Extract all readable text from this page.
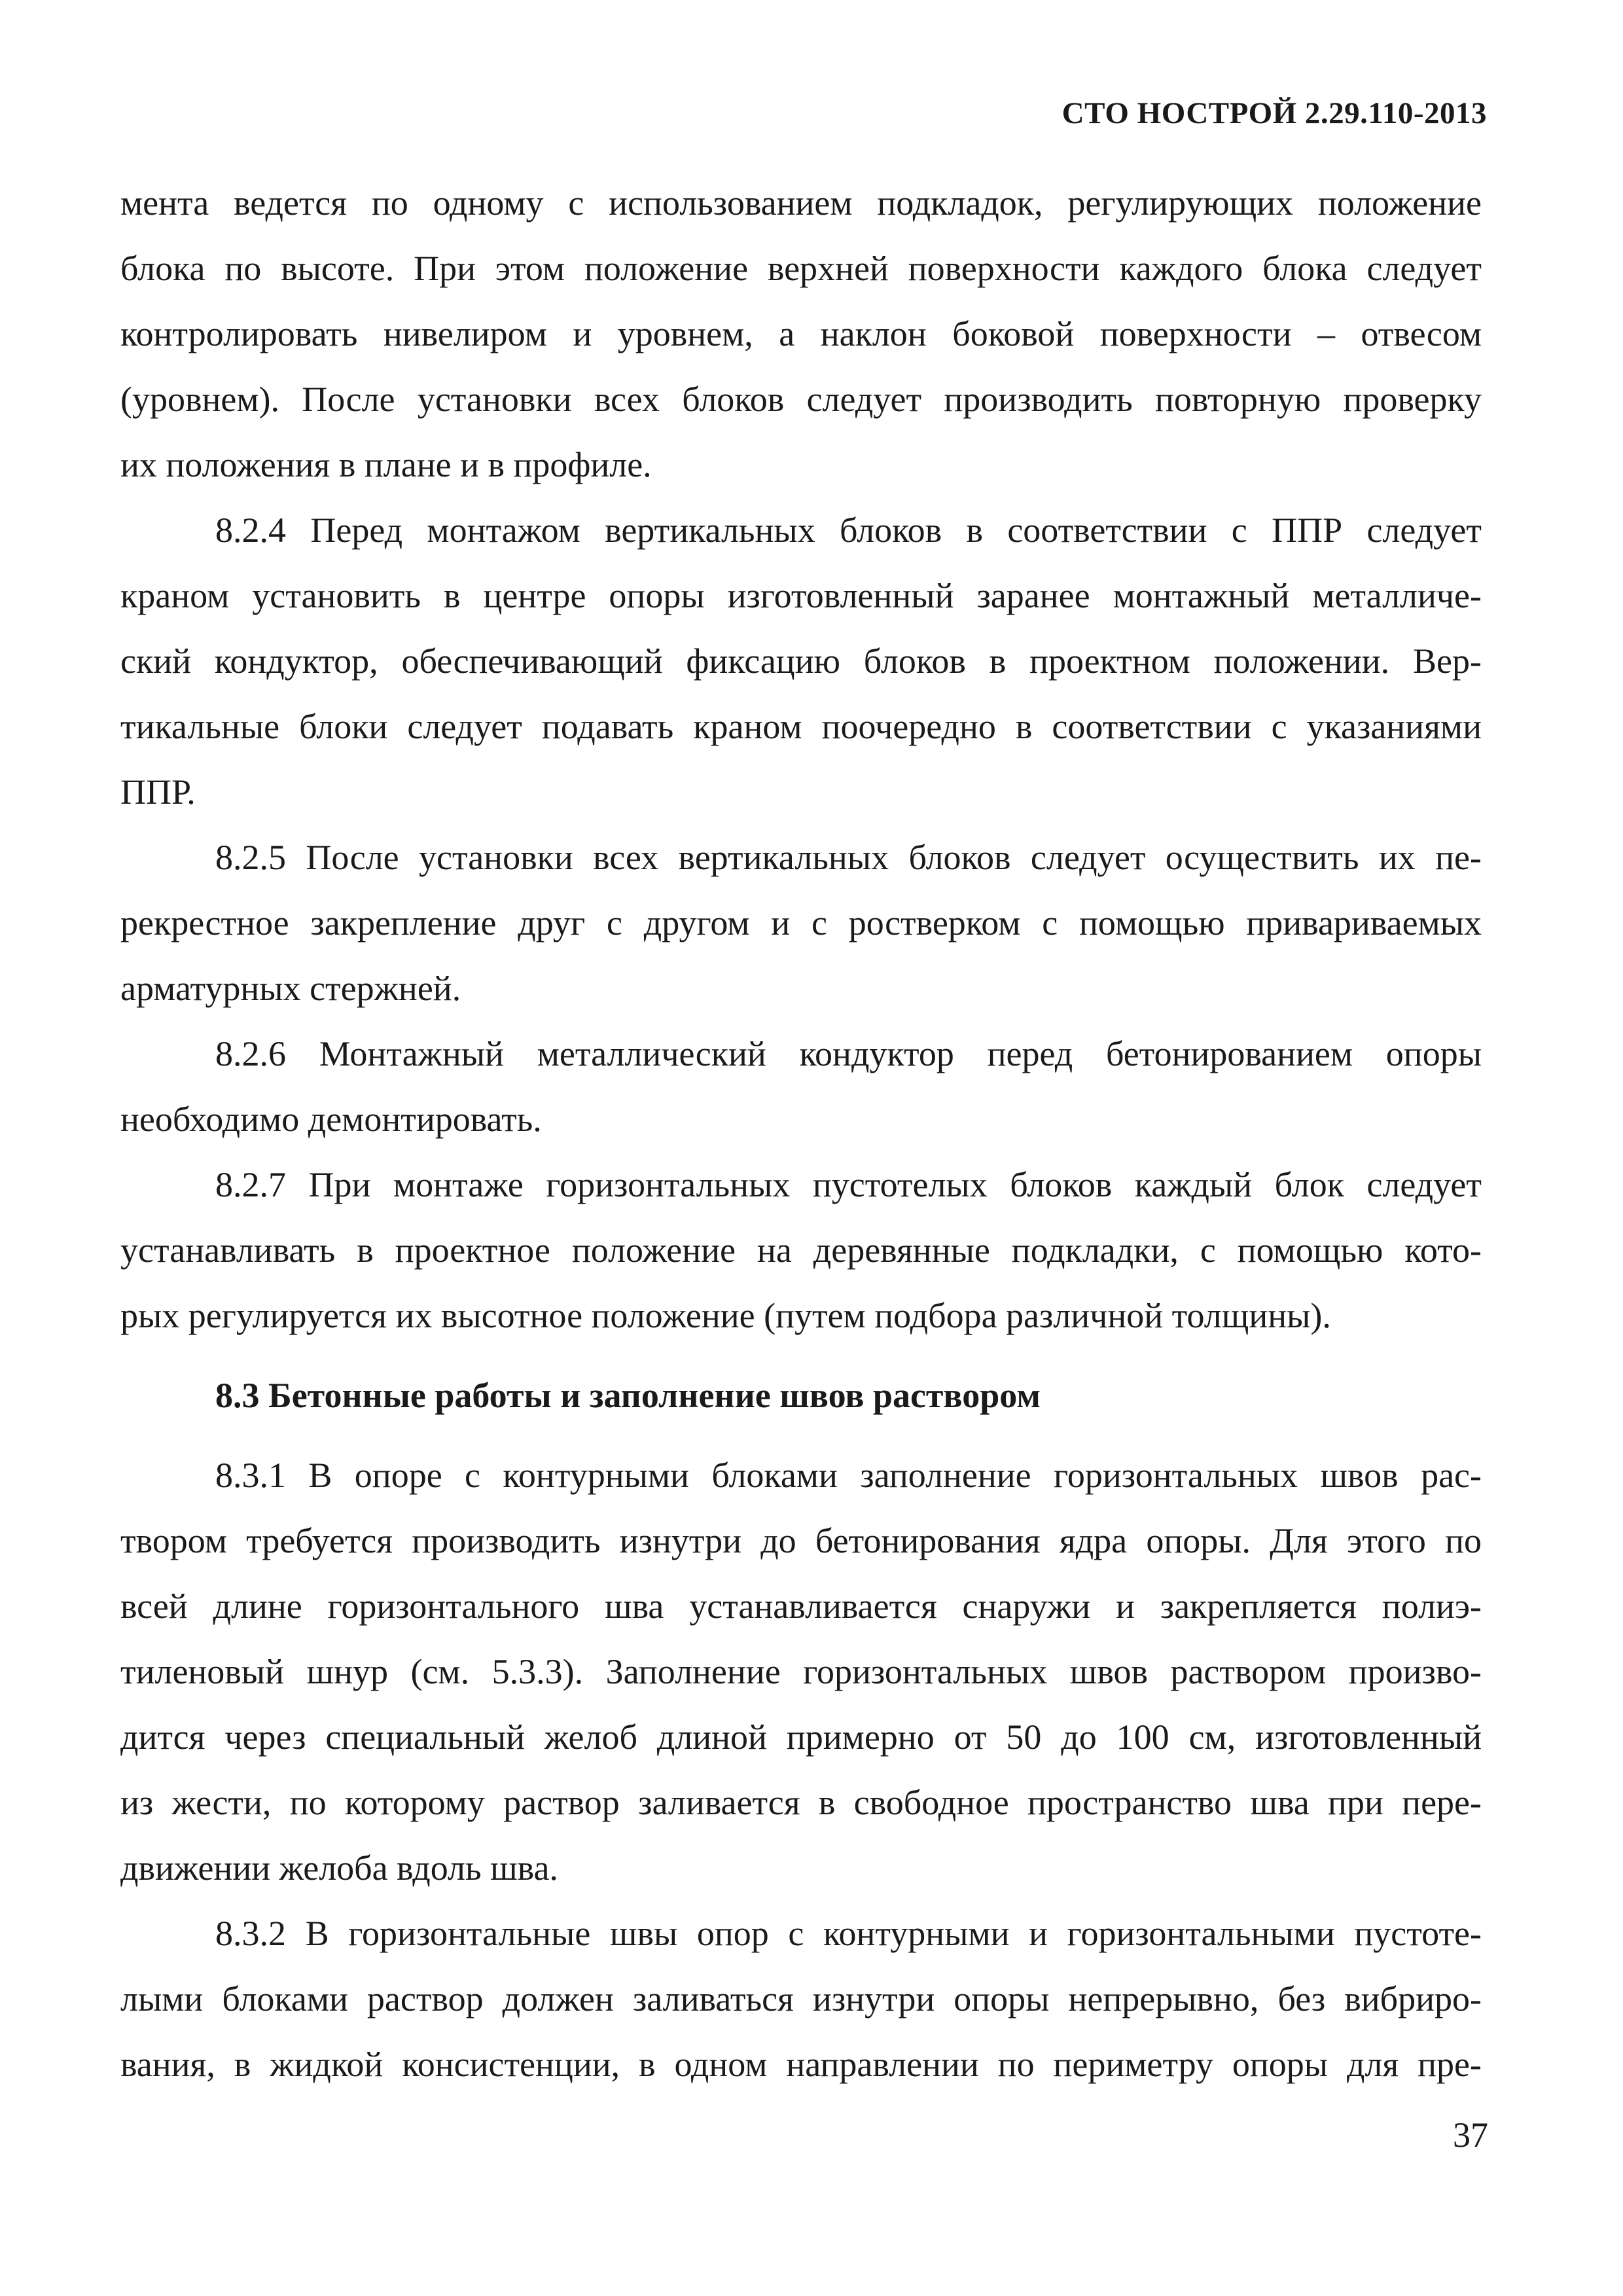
СТО НОСТРОЙ 2.29.110-2013
мента ведется по одному с использованием подкладок, регулирующих положение
блока по высоте. При этом положение верхней поверхности каждого блока следует
контролировать нивелиром и уровнем, а наклон боковой поверхности – отвесом
(уровнем). После установки всех блоков следует производить повторную проверку
их положения в плане и в профиле.
8.2.4 Перед монтажом вертикальных блоков в соответствии с ППР следует
краном установить в центре опоры изготовленный заранее монтажный металличе-
ский кондуктор, обеспечивающий фиксацию блоков в проектном положении. Вер-
тикальные блоки следует подавать краном поочередно в соответствии с указаниями
ППР.
8.2.5 После установки всех вертикальных блоков следует осуществить их пе-
рекрестное закрепление друг с другом и с ростверком с помощью привариваемых
арматурных стержней.
8.2.6 Монтажный металлический кондуктор перед бетонированием опоры
необходимо демонтировать.
8.2.7 При монтаже горизонтальных пустотелых блоков каждый блок следует
устанавливать в проектное положение на деревянные подкладки, с помощью кото-
рых регулируется их высотное положение (путем подбора различной толщины).
8.3 Бетонные работы и заполнение швов раствором
8.3.1 В опоре с контурными блоками заполнение горизонтальных швов рас-
твором требуется производить изнутри до бетонирования ядра опоры. Для этого по
всей длине горизонтального шва устанавливается снаружи и закрепляется полиэ-
тиленовый шнур (см. 5.3.3). Заполнение горизонтальных швов раствором произво-
дится через специальный желоб длиной примерно от 50 до 100 см, изготовленный
из жести, по которому раствор заливается в свободное пространство шва при пере-
движении желоба вдоль шва.
8.3.2 В горизонтальные швы опор с контурными и горизонтальными пустоте-
лыми блоками раствор должен заливаться изнутри опоры непрерывно, без вибриро-
вания, в жидкой консистенции, в одном направлении по периметру опоры для пре-
37
